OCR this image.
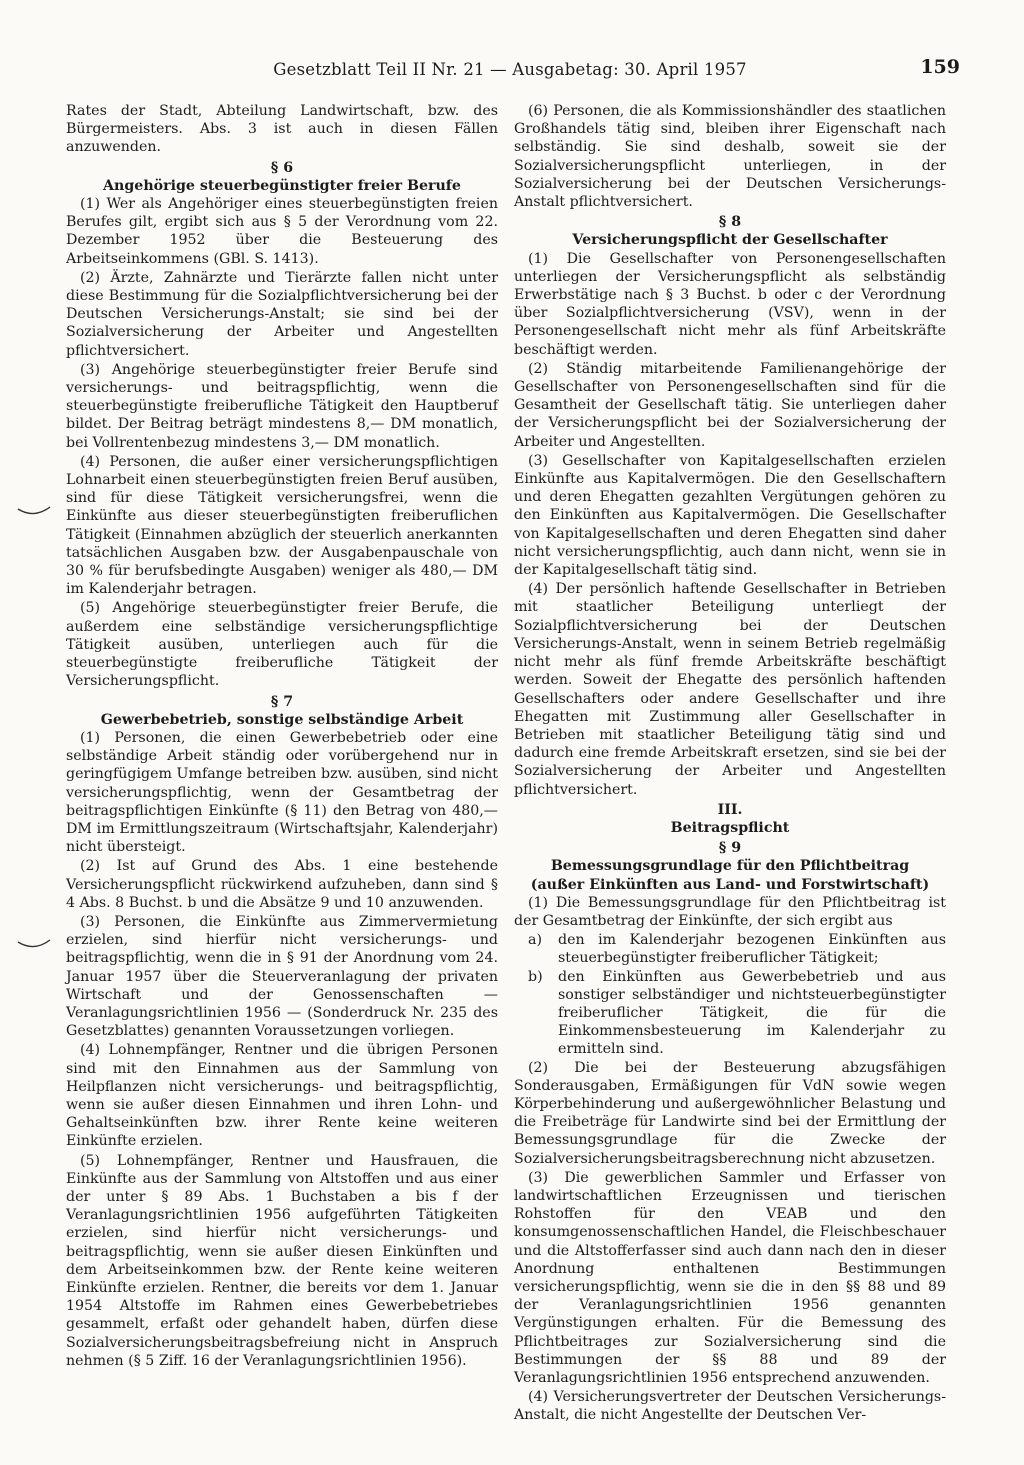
Gesetzblatt Teil II Nr. 21 — Ausgabetag: 30. April 1957	159

Rates der Stadt, Abteilung Landwirtschaft, bzw. des Bürgermeisters. Abs. 3 ist auch in diesen Fällen anzuwenden.

§ 6
Angehörige steuerbegünstigter freier Berufe

(1) Wer als Angehöriger eines steuerbegünstigten freien Berufes gilt, ergibt sich aus § 5 der Verordnung vom 22. Dezember 1952 über die Besteuerung des Arbeitseinkommens (GBl. S. 1413).

(2) Ärzte, Zahnärzte und Tierärzte fallen nicht unter diese Bestimmung für die Sozialpflichtversicherung bei der Deutschen Versicherungs-Anstalt; sie sind bei der Sozialversicherung der Arbeiter und Angestellten pflichtversichert.

(3) Angehörige steuerbegünstigter freier Berufe sind versicherungs- und beitragspflichtig, wenn die steuerbegünstigte freiberufliche Tätigkeit den Hauptberuf bildet. Der Beitrag beträgt mindestens 8,— DM monatlich, bei Vollrentenbezug mindestens 3,— DM monatlich.

(4) Personen, die außer einer versicherungspflichtigen Lohnarbeit einen steuerbegünstigten freien Beruf ausüben, sind für diese Tätigkeit versicherungsfrei, wenn die Einkünfte aus dieser steuerbegünstigten freiberuflichen Tätigkeit (Einnahmen abzüglich der steuerlich anerkannten tatsächlichen Ausgaben bzw. der Ausgabenpauschale von 30 % für berufsbedingte Ausgaben) weniger als 480,— DM im Kalenderjahr betragen.

(5) Angehörige steuerbegünstigter freier Berufe, die außerdem eine selbständige versicherungspflichtige Tätigkeit ausüben, unterliegen auch für die steuerbegünstigte freiberufliche Tätigkeit der Versicherungspflicht.

§ 7
Gewerbebetrieb, sonstige selbständige Arbeit

(1) Personen, die einen Gewerbebetrieb oder eine selbständige Arbeit ständig oder vorübergehend nur in geringfügigem Umfange betreiben bzw. ausüben, sind nicht versicherungspflichtig, wenn der Gesamtbetrag der beitragspflichtigen Einkünfte (§ 11) den Betrag von 480,— DM im Ermittlungszeitraum (Wirtschaftsjahr, Kalenderjahr) nicht übersteigt.

(2) Ist auf Grund des Abs. 1 eine bestehende Versicherungspflicht rückwirkend aufzuheben, dann sind § 4 Abs. 8 Buchst. b und die Absätze 9 und 10 anzuwenden.

(3) Personen, die Einkünfte aus Zimmervermietung erzielen, sind hierfür nicht versicherungs- und beitragspflichtig, wenn die in § 91 der Anordnung vom 24. Januar 1957 über die Steuerveranlagung der privaten Wirtschaft und der Genossenschaften — Veranlagungsrichtlinien 1956 — (Sonderdruck Nr. 235 des Gesetzblattes) genannten Voraussetzungen vorliegen.

(4) Lohnempfänger, Rentner und die übrigen Personen sind mit den Einnahmen aus der Sammlung von Heilpflanzen nicht versicherungs- und beitragspflichtig, wenn sie außer diesen Einnahmen und ihren Lohn- und Gehaltseinkünften bzw. ihrer Rente keine weiteren Einkünfte erzielen.

(5) Lohnempfänger, Rentner und Hausfrauen, die Einkünfte aus der Sammlung von Altstoffen und aus einer der unter § 89 Abs. 1 Buchstaben a bis f der Veranlagungsrichtlinien 1956 aufgeführten Tätigkeiten erzielen, sind hierfür nicht versicherungs- und beitragspflichtig, wenn sie außer diesen Einkünften und dem Arbeitseinkommen bzw. der Rente keine weiteren Einkünfte erzielen. Rentner, die bereits vor dem 1. Januar 1954 Altstoffe im Rahmen eines Gewerbebetriebes gesammelt, erfaßt oder gehandelt haben, dürfen diese Sozialversicherungsbeitragsbefreiung nicht in Anspruch nehmen (§ 5 Ziff. 16 der Veranlagungsrichtlinien 1956).

(6) Personen, die als Kommissionshändler des staatlichen Großhandels tätig sind, bleiben ihrer Eigenschaft nach selbständig. Sie sind deshalb, soweit sie der Sozialversicherungspflicht unterliegen, in der Sozialversicherung bei der Deutschen Versicherungs-Anstalt pflichtversichert.

§ 8
Versicherungspflicht der Gesellschafter

(1) Die Gesellschafter von Personengesellschaften unterliegen der Versicherungspflicht als selbständig Erwerbstätige nach § 3 Buchst. b oder c der Verordnung über Sozialpflichtversicherung (VSV), wenn in der Personengesellschaft nicht mehr als fünf Arbeitskräfte beschäftigt werden.

(2) Ständig mitarbeitende Familienangehörige der Gesellschafter von Personengesellschaften sind für die Gesamtheit der Gesellschaft tätig. Sie unterliegen daher der Versicherungspflicht bei der Sozialversicherung der Arbeiter und Angestellten.

(3) Gesellschafter von Kapitalgesellschaften erzielen Einkünfte aus Kapitalvermögen. Die den Gesellschaftern und deren Ehegatten gezahlten Vergütungen gehören zu den Einkünften aus Kapitalvermögen. Die Gesellschafter von Kapitalgesellschaften und deren Ehegatten sind daher nicht versicherungspflichtig, auch dann nicht, wenn sie in der Kapitalgesellschaft tätig sind.

(4) Der persönlich haftende Gesellschafter in Betrieben mit staatlicher Beteiligung unterliegt der Sozialpflichtversicherung bei der Deutschen Versicherungs-Anstalt, wenn in seinem Betrieb regelmäßig nicht mehr als fünf fremde Arbeitskräfte beschäftigt werden. Soweit der Ehegatte des persönlich haftenden Gesellschafters oder andere Gesellschafter und ihre Ehegatten mit Zustimmung aller Gesellschafter in Betrieben mit staatlicher Beteiligung tätig sind und dadurch eine fremde Arbeitskraft ersetzen, sind sie bei der Sozialversicherung der Arbeiter und Angestellten pflichtversichert.

III.
Beitragspflicht
§ 9
Bemessungsgrundlage für den Pflichtbeitrag
(außer Einkünften aus Land- und Forstwirtschaft)

(1) Die Bemessungsgrundlage für den Pflichtbeitrag ist der Gesamtbetrag der Einkünfte, der sich ergibt aus

a)	den im Kalenderjahr bezogenen Einkünften aus steuerbegünstigter freiberuflicher Tätigkeit;
b)	den Einkünften aus Gewerbebetrieb und aus sonstiger selbständiger und nichtsteuerbegünstigter freiberuflicher Tätigkeit, die für die Einkommensbesteuerung im Kalenderjahr zu ermitteln sind.

(2) Die bei der Besteuerung abzugsfähigen Sonderausgaben, Ermäßigungen für VdN sowie wegen Körperbehinderung und außergewöhnlicher Belastung und die Freibeträge für Landwirte sind bei der Ermittlung der Bemessungsgrundlage für die Zwecke der Sozialversicherungsbeitragsberechnung nicht abzusetzen.

(3) Die gewerblichen Sammler und Erfasser von landwirtschaftlichen Erzeugnissen und tierischen Rohstoffen für den VEAB und den konsumgenossenschaftlichen Handel, die Fleischbeschauer und die Altstofferfasser sind auch dann nach den in dieser Anordnung enthaltenen Bestimmungen versicherungspflichtig, wenn sie die in den §§ 88 und 89 der Veranlagungsrichtlinien 1956 genannten Vergünstigungen erhalten. Für die Bemessung des Pflichtbeitrages zur Sozialversicherung sind die Bestimmungen der §§ 88 und 89 der Veranlagungsrichtlinien 1956 entsprechend anzuwenden.

(4) Versicherungsvertreter der Deutschen Versicherungs-Anstalt, die nicht Angestellte der Deutschen Ver-
